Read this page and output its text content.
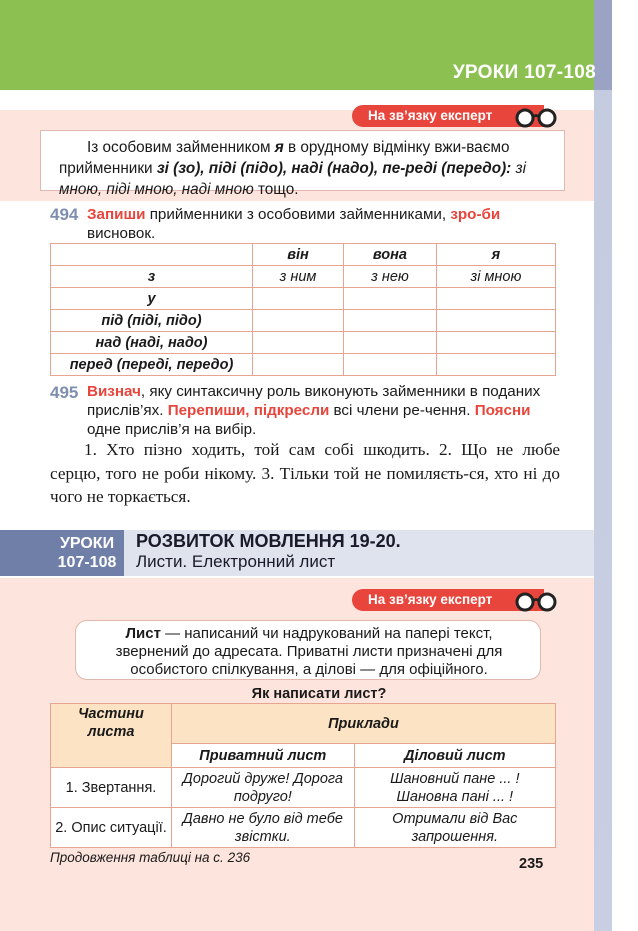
УРОКИ 107-108
На зв’язку експерт

Із особовим займенником я в орудному відмінку вжи-ваємо прийменники зі (зо), піді (підо), наді (надо), пе-реді (передо): зі мною, піді мною, наді мною тощо.

494 Запиши прийменники з особовими займенниками, зро-би висновок.
	він	вона	я
з	з ним	з нею	зі мною
у			
під (піді, підо)			
над (наді, надо)			
перед (переді, передо)			
495 Визнач, яку синтаксичну роль виконують займенники в поданих прислів’ях. Перепиши, підкресли всі члени ре-чення. Поясни одне прислів’я на вибір.

1. Хто пізно ходить, той сам собі шкодить. 2. Що не любе серцю, того не роби нікому. 3. Тільки той не помиляєть-ся, хто ні до чого не торкається.

УРОКИ
107-108
РОЗВИТОК МОВЛЕННЯ 19-20.
Листи. Електронний лист
На зв’язку експерт
Лист — написаний чи надрукований на папері текст, звернений до адресата. Приватні листи призначені для особистого спілкування, а ділові — для офіційного.
Як написати лист?
Частини листа	Приклади	
	Приватний лист	Діловий лист
1. Звертання.	Дорогий друже! Дорога подруго!	Шановний пане ... ! Шановна пані ... !
2. Опис ситуації.	Давно не було від тебе звістки.	Отримали від Вас запрошення.
Продовження таблиці на с. 236	235
